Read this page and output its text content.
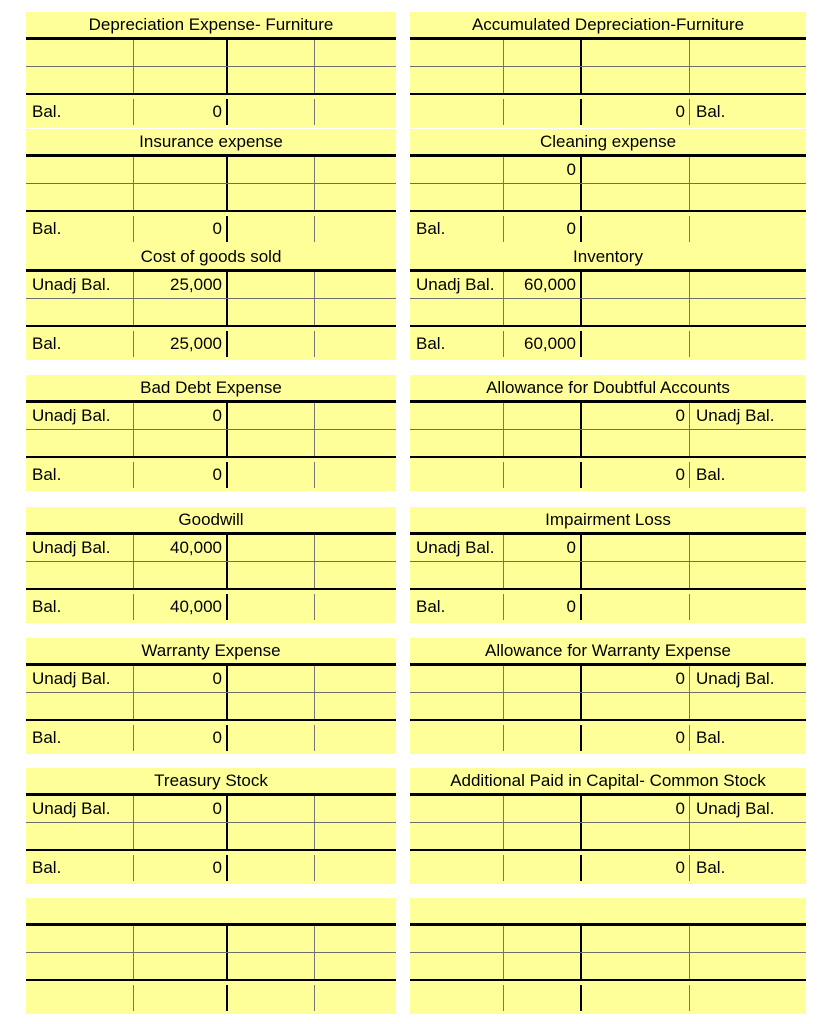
Depreciation Expense- Furniture
Bal.	0
Accumulated Depreciation-Furniture
0 Bal.
Insurance expense
Bal.	0
Cleaning expense
0
Bal.	0
Cost of goods sold
Unadj Bal.	25,000
Bal.	25,000
Inventory
Unadj Bal.	60,000
Bal.	60,000
Bad Debt Expense
Unadj Bal.	0
Bal.	0
Allowance for Doubtful Accounts
0 Unadj Bal.
0 Bal.
Goodwill
Unadj Bal.	40,000
Bal.	40,000
Impairment Loss
Unadj Bal.	0
Bal.	0
Warranty Expense
Unadj Bal.	0
Bal.	0
Allowance for Warranty Expense
0 Unadj Bal.
0 Bal.
Treasury Stock
Unadj Bal.	0
Bal.	0
Additional Paid in Capital- Common Stock
0 Unadj Bal.
0 Bal.
